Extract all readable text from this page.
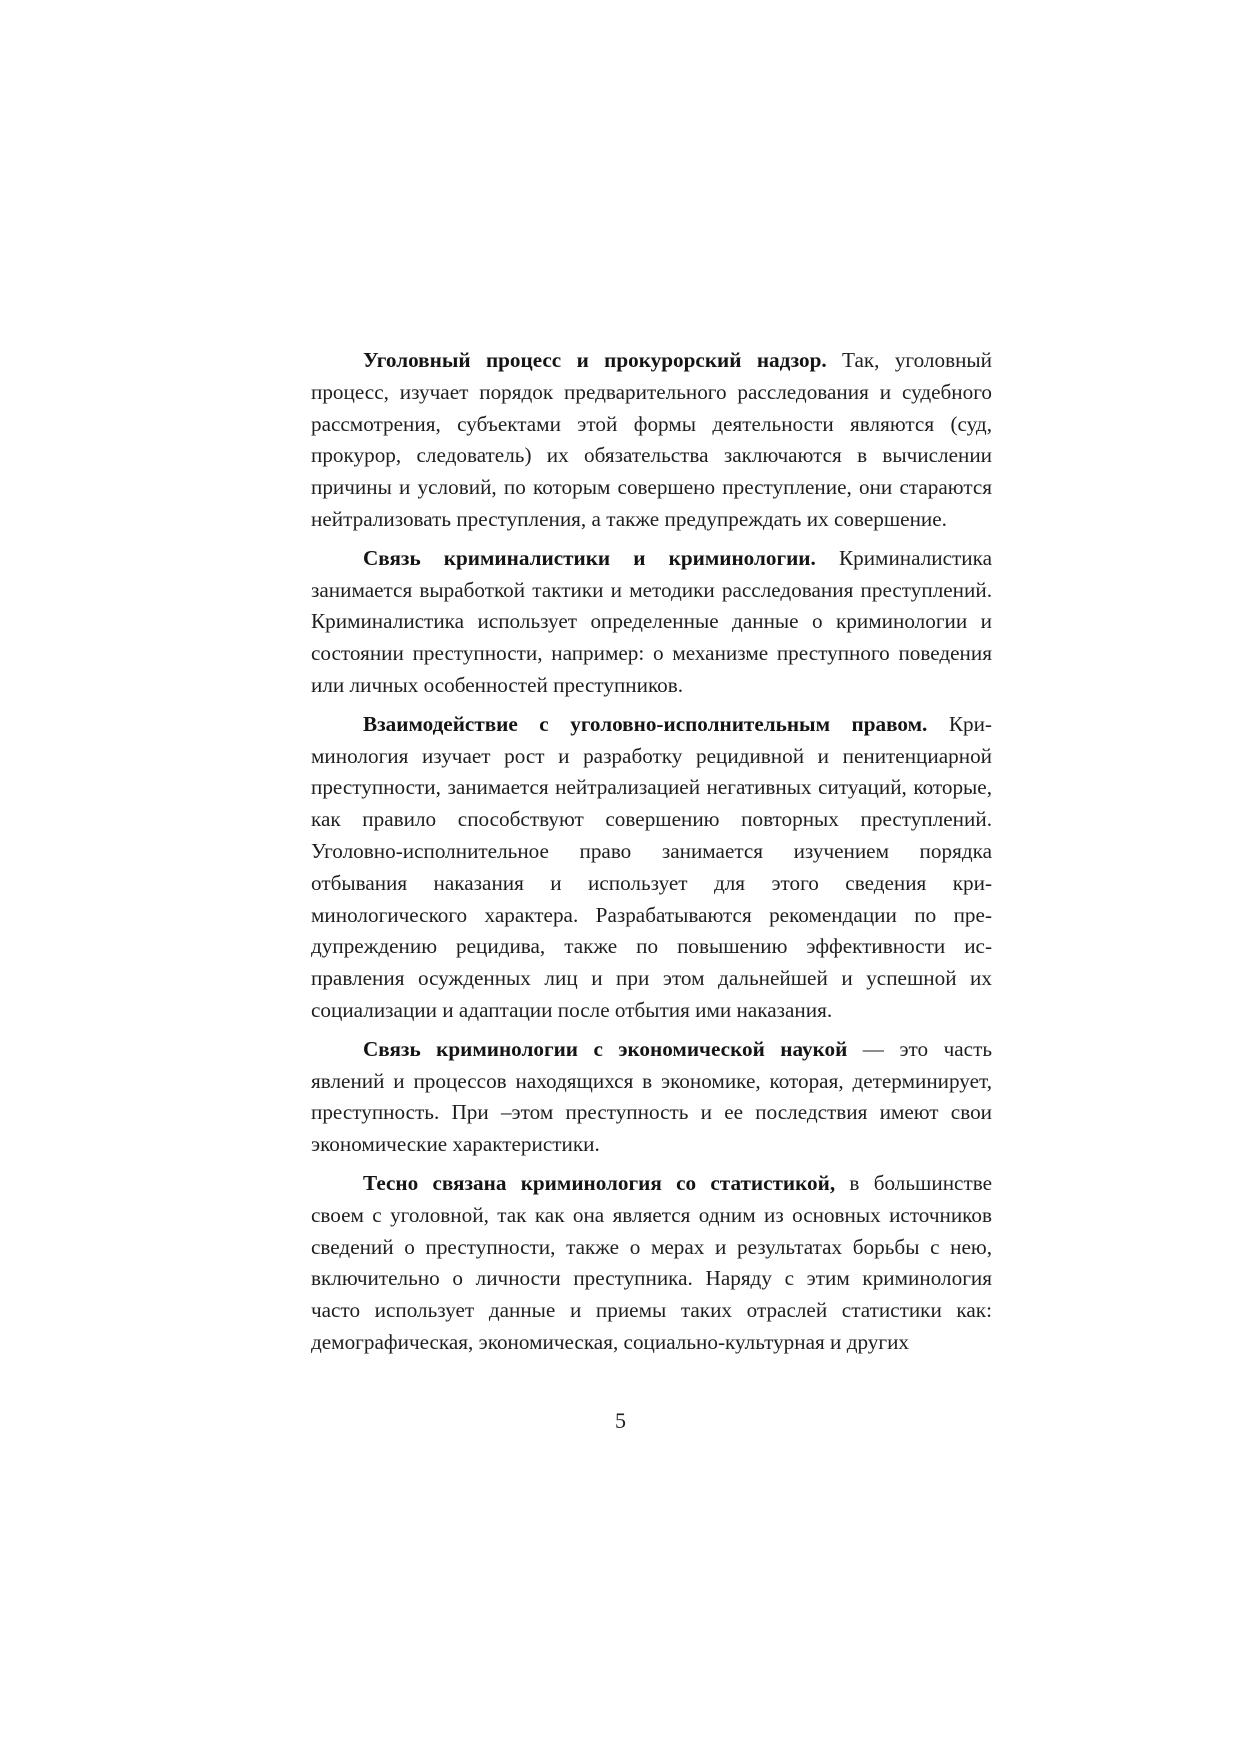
Уголовный процесс и прокурорский надзор. Так, уголовный процесс, изучает порядок предварительного расследования и судебного рассмотрения, субъектами этой формы деятельности являются (суд, прокурор, следователь) их обязательства заключаются в вычислении причины и условий, по которым совершено преступление, они стараются нейтрализовать преступления, а также предупреждать их совершение.

Связь криминалистики и криминологии. Криминалистика занимается выработкой тактики и методики расследования преступлений. Криминалистика использует определенные данные о криминологии и состоянии преступности, например: о механизме преступного поведения или личных особенностей преступников.

Взаимодействие с уголовно-исполнительным правом. Криминология изучает рост и разработку рецидивной и пенитенциарной преступности, занимается нейтрализацией негативных ситуаций, которые, как правило способствуют совершению повторных преступлений. Уголовно-исполнительное право занимается изучением порядка отбывания наказания и использует для этого сведения криминологического характера. Разрабатываются рекомендации по предупреждению рецидива, также по повышению эффективности исправления осужденных лиц и при этом дальнейшей и успешной их социализации и адаптации после отбытия ими наказания.

Связь криминологии с экономической наукой — это часть явлений и процессов находящихся в экономике, которая, детерминирует, преступность. При –этом преступность и ее последствия имеют свои экономические характеристики.

Тесно связана криминология со статистикой, в большинстве своем с уголовной, так как она является одним из основных источников сведений о преступности, также о мерах и результатах борьбы с нею, включительно о личности преступника. Наряду с этим криминология часто использует данные и приемы таких отраслей статистики как: демографическая, экономическая, социально-культурная и других

5
